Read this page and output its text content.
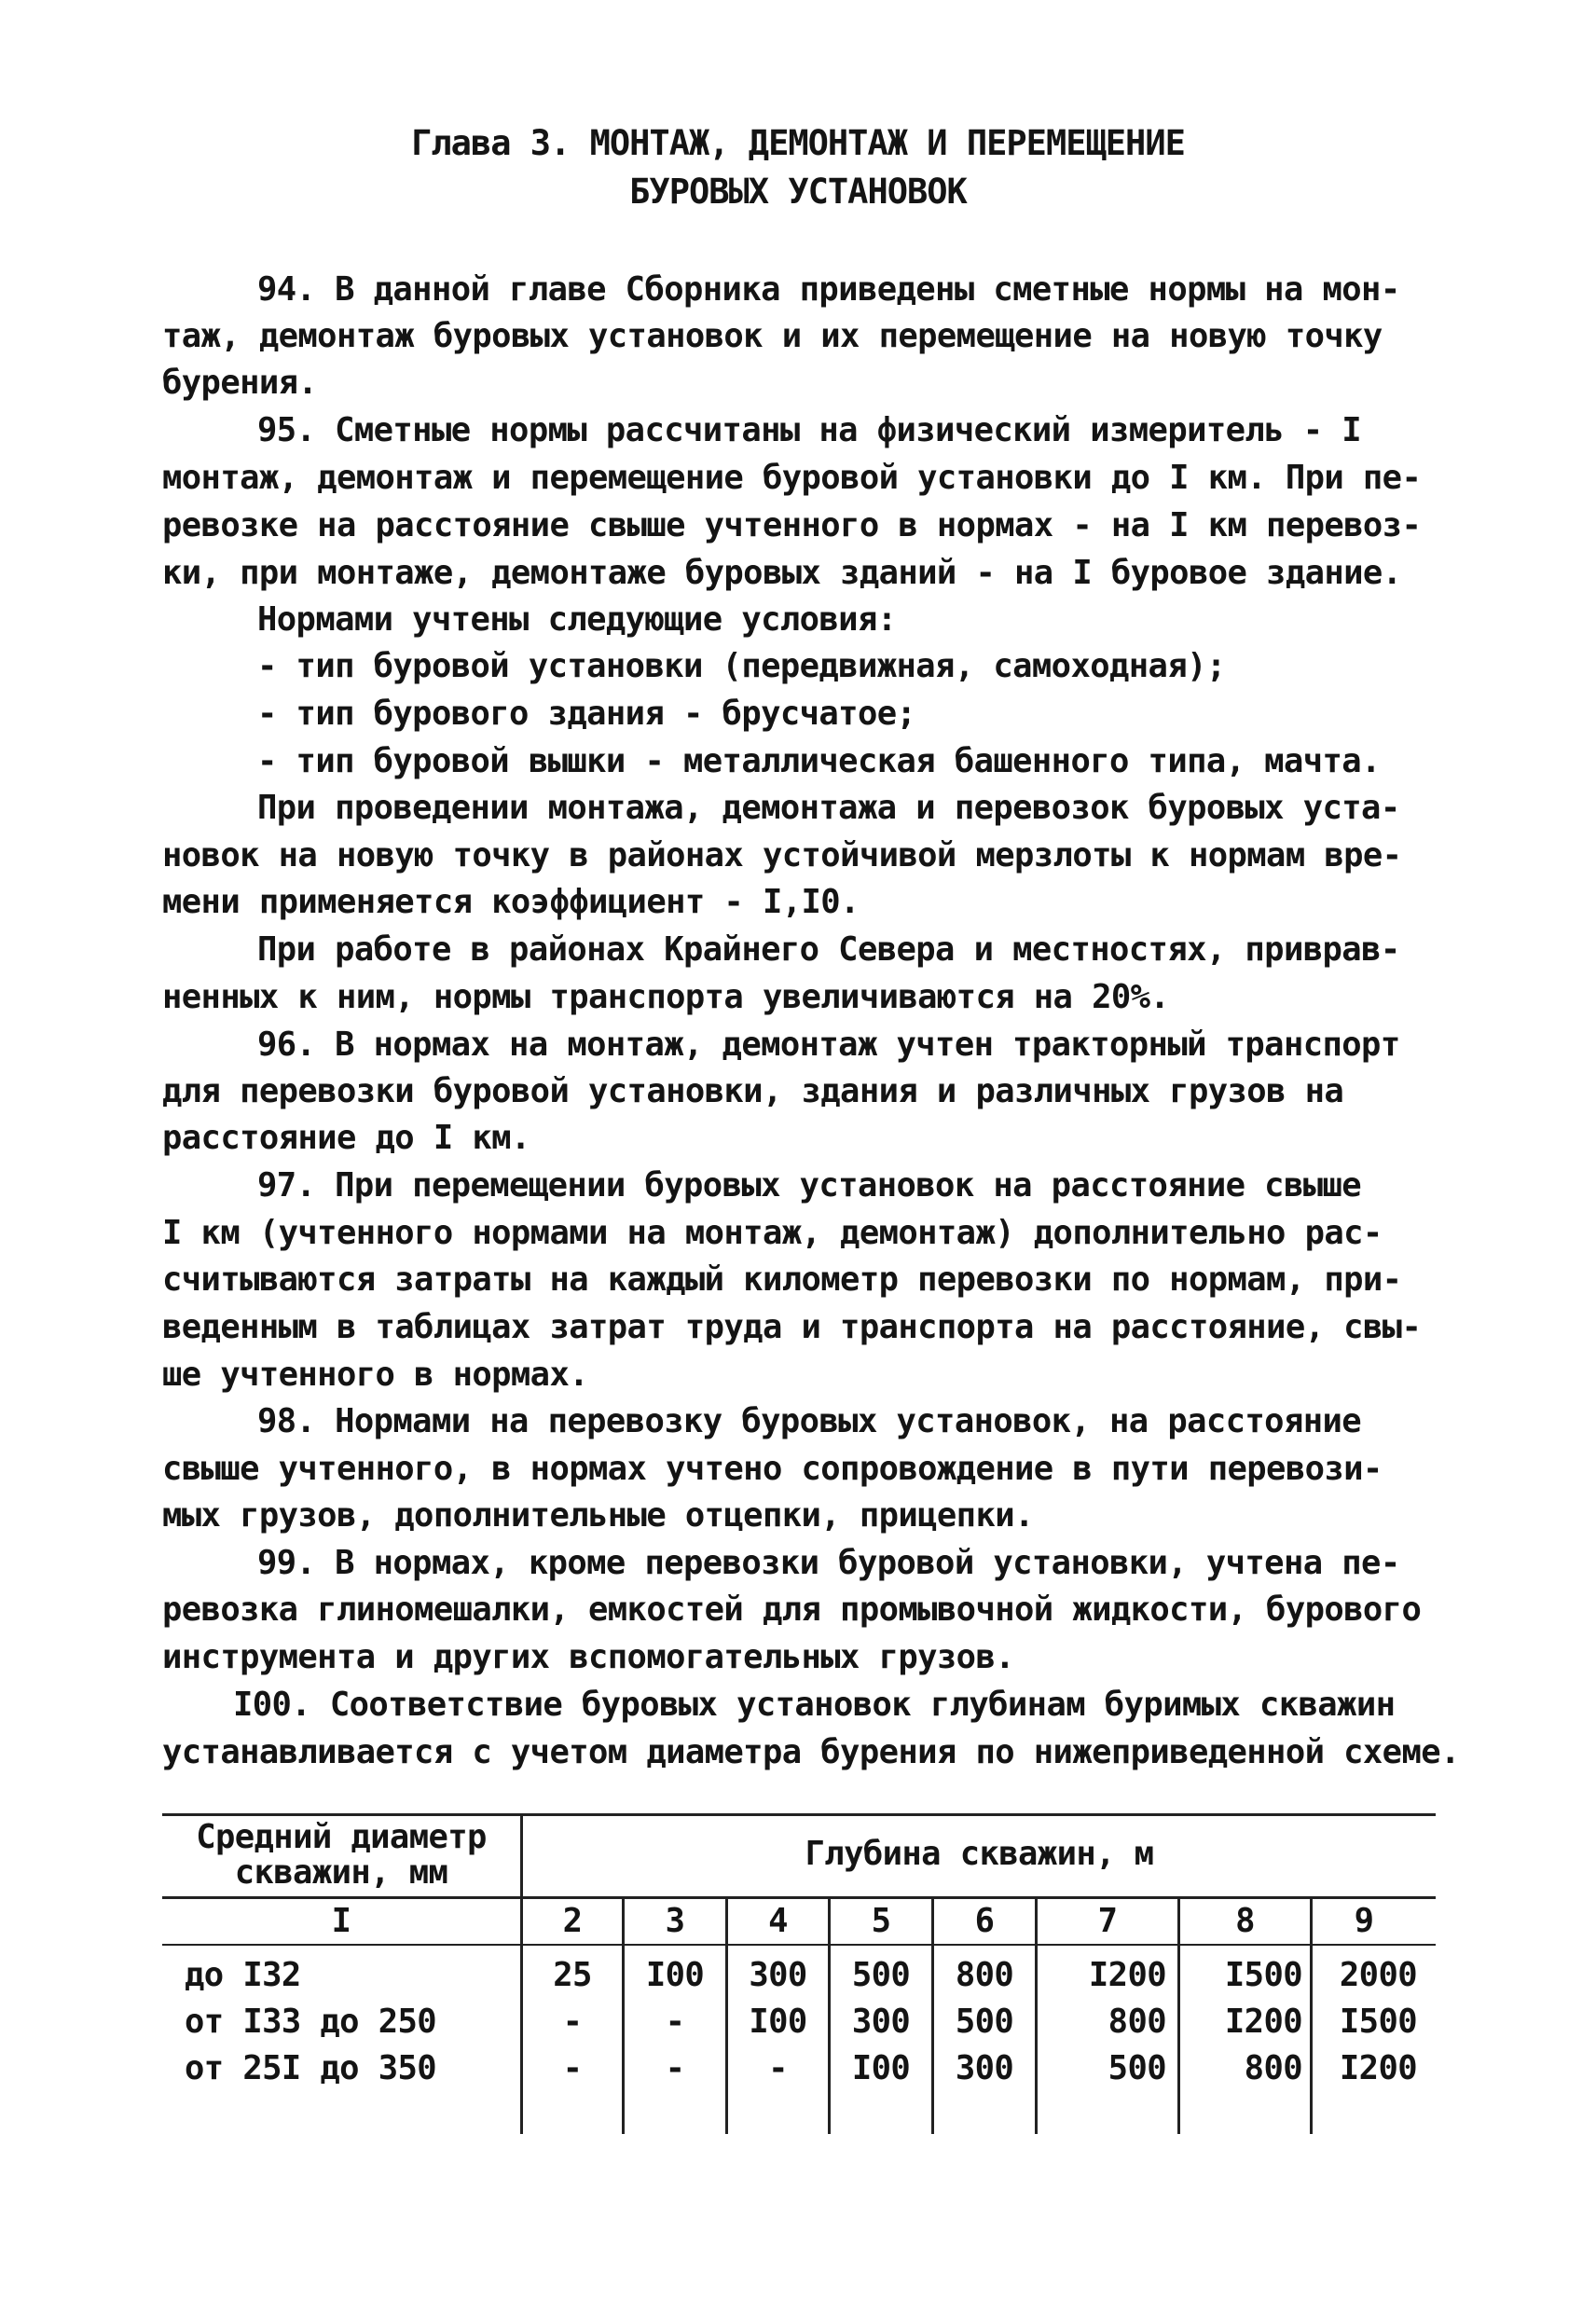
Глава 3. МОНТАЖ, ДЕМОНТАЖ И ПЕРЕМЕЩЕНИЕ
БУРОВЫХ УСТАНОВОК
94. В данной главе Сборника приведены сметные нормы на мон-
таж, демонтаж буровых установок и их перемещение на новую точку
бурения.
95. Сметные нормы рассчитаны на физический измеритель - I
монтаж, демонтаж и перемещение буровой установки до I км. При пе-
ревозке на расстояние свыше учтенного в нормах - на I км перевоз-
ки, при монтаже, демонтаже буровых зданий - на I буровое здание.
Нормами учтены следующие условия:
- тип буровой установки (передвижная, самоходная);
- тип бурового здания - брусчатое;
- тип буровой вышки - металлическая башенного типа, мачта.
При проведении монтажа, демонтажа и перевозок буровых уста-
новок на новую точку в районах устойчивой мерзлоты к нормам вре-
мени применяется коэффициент - I,I0.
При работе в районах Крайнего Севера и местностях, приврав-
ненных к ним, нормы транспорта увеличиваются на 20%.
96. В нормах на монтаж, демонтаж учтен тракторный транспорт
для перевозки буровой установки, здания и различных грузов на
расстояние до I км.
97. При перемещении буровых установок на расстояние свыше
I км (учтенного нормами на монтаж, демонтаж) дополнительно рас-
считываются затраты на каждый километр перевозки по нормам, при-
веденным в таблицах затрат труда и транспорта на расстояние, свы-
ше учтенного в нормах.
98. Нормами на перевозку буровых установок, на расстояние
свыше учтенного, в нормах учтено сопровождение в пути перевози-
мых грузов, дополнительные отцепки, прицепки.
99. В нормах, кроме перевозки буровой установки, учтена пе-
ревозка глиномешалки, емкостей для промывочной жидкости, бурового
инструмента и других вспомогательных грузов.
I00. Соответствие буровых установок глубинам буримых скважин
устанавливается с учетом диаметра бурения по нижеприведенной схеме.
Средний диаметр
скважин, мм	Глубина скважин, м
I	2	3	4	5	6	7	8	9
до I32	25	I00	300	500	800	I200	I500	2000
от I33 до 250	-	-	I00	300	500	800	I200	I500
от 25I до 350	-	-	-	I00	300	500	800	I200
